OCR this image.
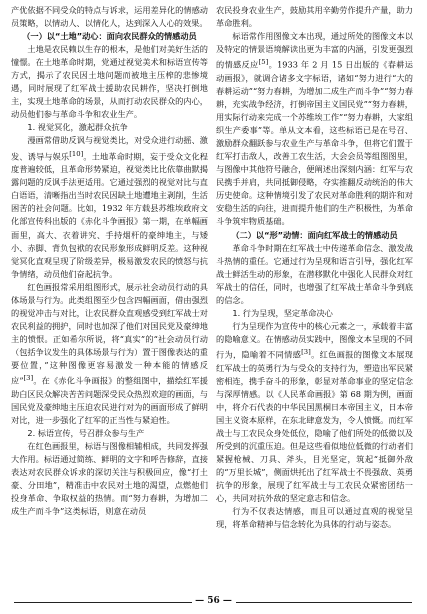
产优依据不同受众的特点与诉求，运用差异化的情感动员策略，以情动人、以情化人，达到深入人心的效果。

（一）以“土地”动心：面向农民群众的情感动员

土地是农民赖以生存的根本，是他们对美好生活的憧憬。在土地革命时期，党通过视觉美术和标语宣传等方式，揭示了农民因土地问题而被地主压榨的悲惨境遇，同时展现了红军战士援助农民耕作，坚决打倒地主，实现土地革命的场景，从而打动农民群众的内心，动员他们参与革命斗争和农业生产。

1. 视觉冥化，激起群众抗争

漫画常借助反讽与视觉类比，对受众进行动摇、激发、诱导与娱乐[10]。土地革命时期，妄于受众文化程度普遍较低，且革命形势紧迫，视觉类比比依靠曲默揭露问题的反讽手法更适用。它通过强烈的视觉对比与直白语语，清晰指出当时农民因缺土地遭地主剥削，生活困苦的社会问题。比如，1932 年方载县苏维埃政府文化部宣传科出版的《赤化斗争画报》第一期，在单幅画面里，高大、衣着讲究、手持烟杆的豪绅地主，与矮小、赤脚、背负包袱的农民形象形成鲜明反差。这种视觉冥化直观呈现了阶级差异，极易激发农民的愤怒与抗争情绪，动员他们奋起抗争。

红色画报常采用组图形式，展示社会动员行动的具体场景与行为。此类组图至少包含四幅画面，借由强烈的视觉冲击与对比，让农民群众直观感受到红军战士对农民利益的拥护，同时也加深了他们对国民党及豪绅地主的愤恨。正如希尔所说，将“真实”的“社会动员行动（包括争议发生的具体场景与行为）置于图像表达的重要位置，”这种图像更容易激发一种本能的情感反应”[3]。在《赤化斗争画报》的整组图中，描绘红军援助白区民众解决苦苦问题深受民众热烈欢迎的画面，与国民党及豪绅地主压迫农民进行对为的画面形成了鲜明对比，进一步强化了红军的正当性与紧迫性。

2. 标语宣传，号召群众参与生产

在红色画报里，标语与图像相辅相成，共同发挥强大作用。标语通过简练、鲜明的文字和呼告修辞，直接表达对农民群众诉求的深切关注与积极回应，像“打土豪、分田地”，精准击中农民对土地的渴望，点燃他们投身革命、争取权益的热情。而“努力春耕，为增加二成生产而斗争”这类标语，则意在动员

农民投身农业生产，鼓励其用辛勤劳作提升产量，助力革命胜利。

标语常作用图像文本出现，通过所处的图像文本以及特定的情景语境解读出更为丰富的内涵，引发更强烈的情感反应[5]。1933 年 2 月 15 日出版的《春耕运动画报》，就调合诸多文字标语，诸如“努力进行“大的春耕运动”“努力春耕，为增加二成生产而斗争”“努力春耕，充实战争经济，打倒帝国主义国民党”“努力春耕，用实际行动来完成一个苏维埃工作”“努力春耕，大家组织生产委事”等。单从文本看，这些标语已是在号召、激励群众翻跃参与农业生产与革命斗争，但将它们置于红军打击敌人，改善工农生活，大会会员等组图图里，与图像中其他符号融合，便阐述出深刻内涵：红军与农民携手并肩，共同抵御侵略，夺实推翻反动统治的伟大历史使命。这种情境引发了农民对革命胜利的期许和对安稳生活的向往，进而提升他们的生产积极性，为革命斗争筑牢物质基础。

（二）以“形”动情：面向红军战士的情感动员

革命斗争时期在红军战士中传递革命信念、激发战斗热情的重任。它通过行为呈现和语言引导，强化红军战士鲜活生动的形象，在潜移默化中强化人民群众对红军战士的信任，同时，也增强了红军战士革命斗争到底的信念。

1. 行为呈现，坚定革命决心

行为呈现作为宣传中的核心元素之一，承载着丰富的隐喻意义。在情感动员实践中，图像文本呈现的不同行为，隐喻着不同情感[3]。红色画报的图像文本展现红军战士的英勇行为与受众的支持行为，塑造出军民紧密相连，携手奋斗的形象，彰显对革命事业的坚定信念与深厚情感。以《人民革命画报》第 68 期为例，画面中，将介石代表的中华民国黑桐日本帝国主义，日本帝国主义资本原样，在东北肆意发为，令人愤慨。而红军战士与工农民众身处低位，隐喻了他们所处的低微以及所受到的沉重压迫。但是这些看似地位低微的行动者们紧握枪械、刀具、斧头，目光坚定，筑起“抵御外敌的“万里长城”，侧面烘托出了红军战士不畏强敌、英勇抗争的形象，展现了红军战士与工农民众紧密团结一心，共同对抗外敌的坚定意志和信念。

行为不仅表达情感，而且可以通过直观的视觉呈现，将革命精神与信念转化为具体的行动与姿态。

— 56 —
